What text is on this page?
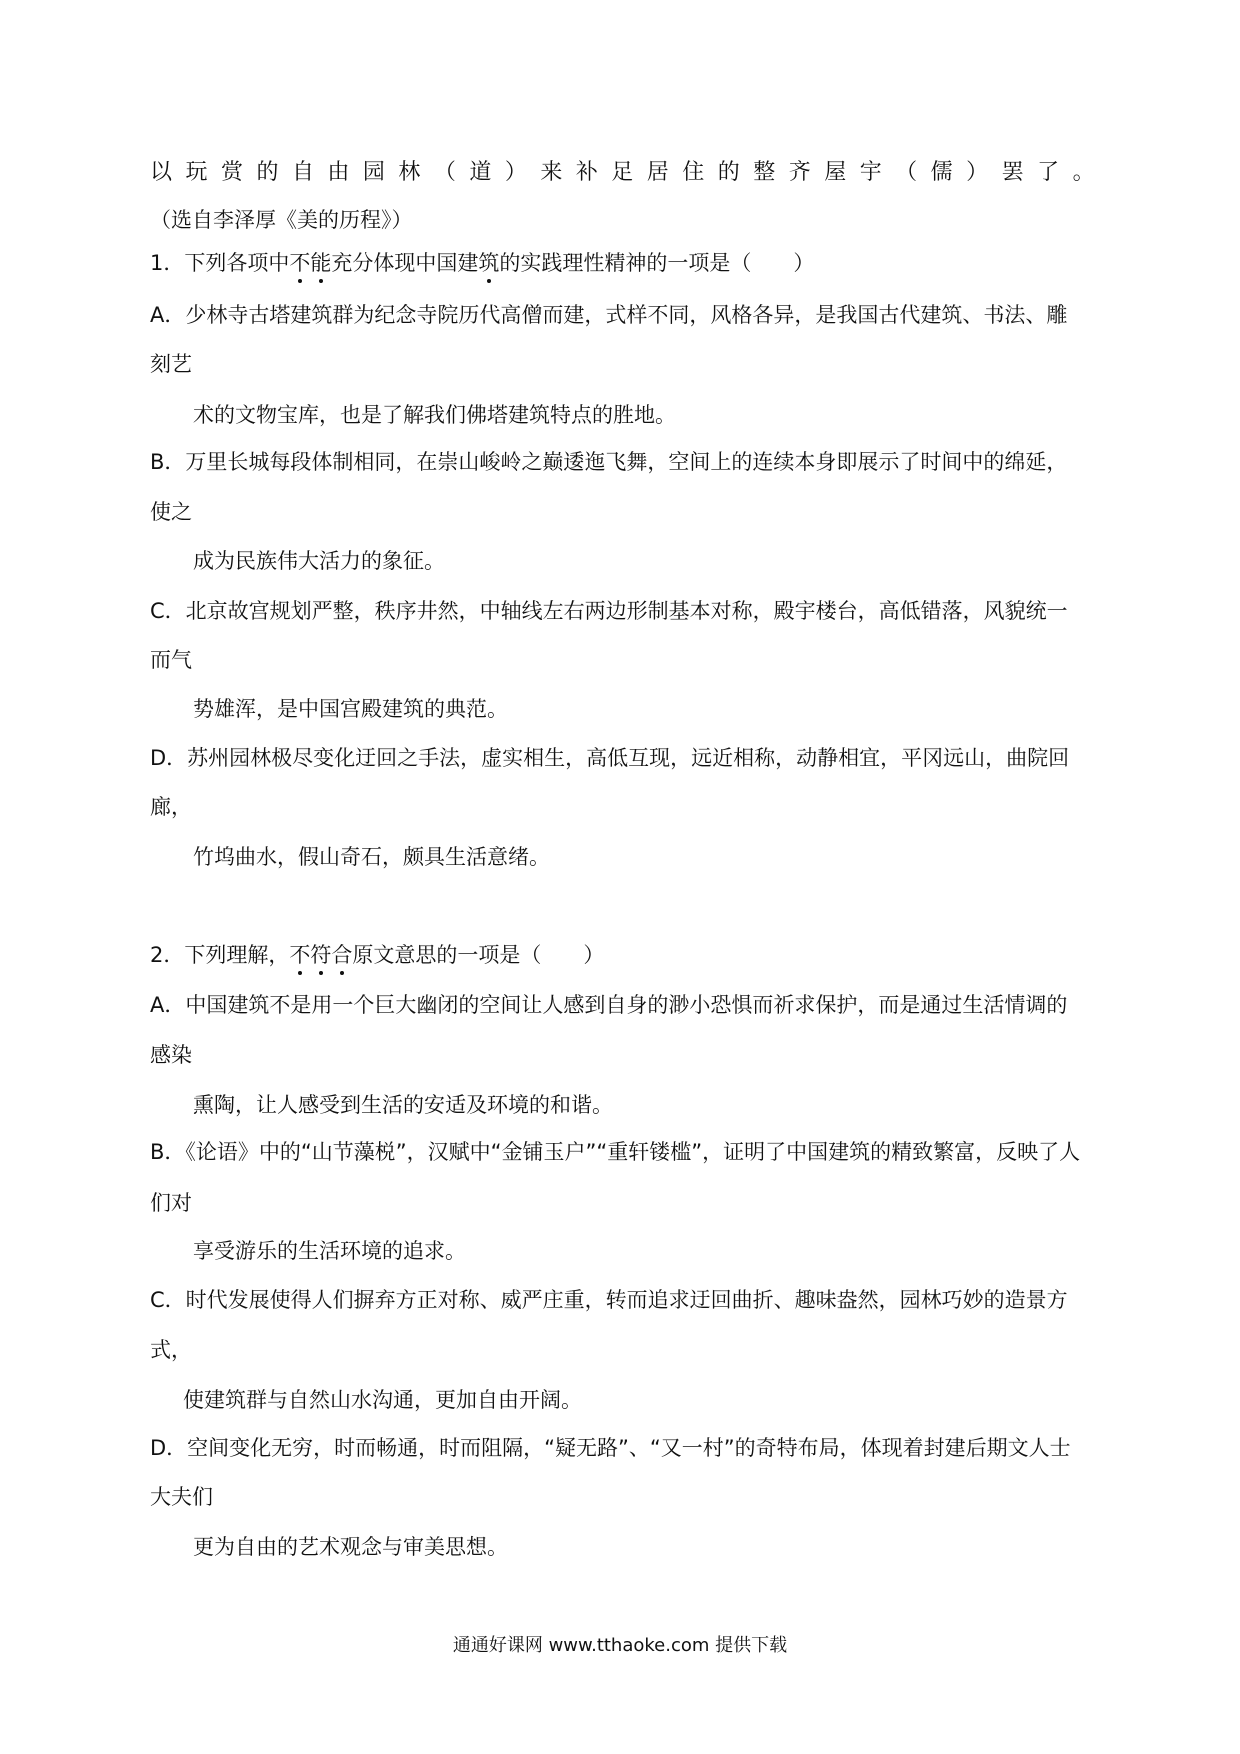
以 玩 赏 的 自 由 园 林 （ 道 ） 来 补 足 居 住 的 整 齐 屋 宇 （ 儒 ） 罢 了 。
（选自李泽厚《美的历程》）
1．下列各项中不能充分体现中国建筑的实践理性精神的一项是（　　）
A．少林寺古塔建筑群为纪念寺院历代高僧而建，式样不同，风格各异，是我国古代建筑、书法、雕
刻艺
术的文物宝库，也是了解我们佛塔建筑特点的胜地。
B．万里长城每段体制相同，在崇山峻岭之巅逶迤飞舞，空间上的连续本身即展示了时间中的绵延，
使之
成为民族伟大活力的象征。
C．北京故宫规划严整，秩序井然，中轴线左右两边形制基本对称，殿宇楼台，高低错落，风貌统一
而气
势雄浑，是中国宫殿建筑的典范。
D．苏州园林极尽变化迂回之手法，虚实相生，高低互现，远近相称，动静相宜，平冈远山，曲院回
廊，
竹坞曲水，假山奇石，颇具生活意绪。
2．下列理解，不符合原文意思的一项是（　　）
A．中国建筑不是用一个巨大幽闭的空间让人感到自身的渺小恐惧而祈求保护，而是通过生活情调的
感染
熏陶，让人感受到生活的安适及环境的和谐。
B．《论语》中的“山节藻棁”，汉赋中“金铺玉户”“重轩镂槛”，证明了中国建筑的精致繁富，反映了人
们对
享受游乐的生活环境的追求。
C．时代发展使得人们摒弃方正对称、威严庄重，转而追求迂回曲折、趣味盎然，园林巧妙的造景方
式，
使建筑群与自然山水沟通，更加自由开阔。
D．空间变化无穷，时而畅通，时而阻隔，“疑无路”、“又一村”的奇特布局，体现着封建后期文人士
大夫们
更为自由的艺术观念与审美思想。
通通好课网 www.tthaoke.com 提供下载
